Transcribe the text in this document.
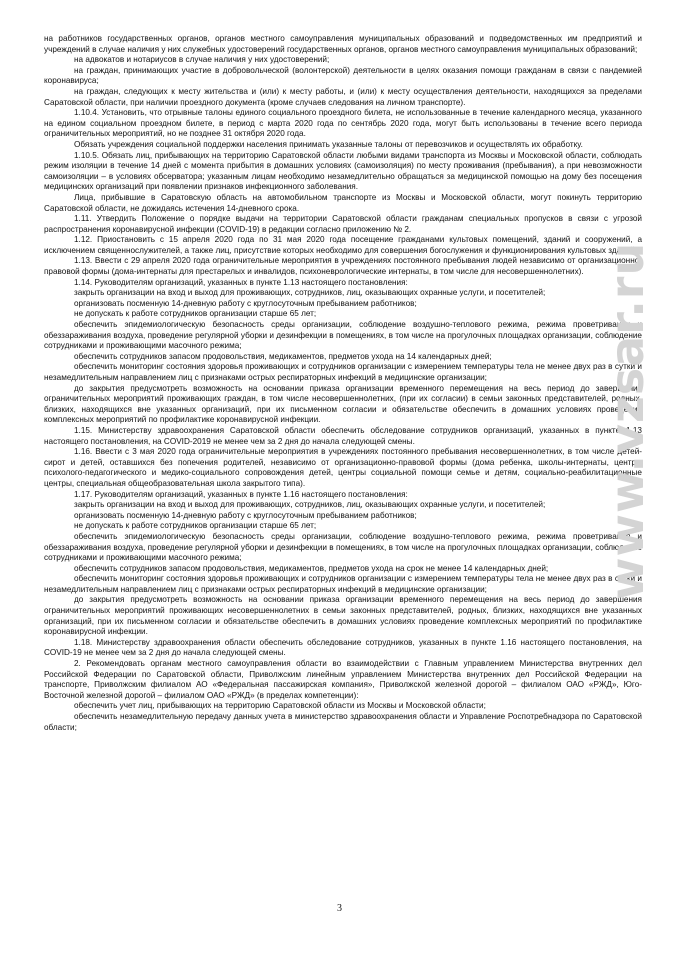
на работников государственных органов, органов местного самоуправления муниципальных образований и подведомственных им предприятий и учреждений в случае наличия у них служебных удостоверений государственных органов, органов местного самоуправления муниципальных образований;

на адвокатов и нотариусов в случае наличия у них удостоверений;

на граждан, принимающих участие в добровольческой (волонтерской) деятельности в целях оказания помощи гражданам в связи с пандемией коронавируса;

на граждан, следующих к месту жительства и (или) к месту работы, и (или) к месту осуществления деятельности, находящихся за пределами Саратовской области, при наличии проездного документа (кроме случаев следования на личном транспорте).

1.10.4. Установить, что отрывные талоны единого социального проездного билета, не использованные в течение календарного месяца, указанного на едином социальном проездном билете, в период с марта 2020 года по сентябрь 2020 года, могут быть использованы в течение всего периода ограничительных мероприятий, но не позднее 31 октября 2020 года.

Обязать учреждения социальной поддержки населения принимать указанные талоны от перевозчиков и осуществлять их обработку.

1.10.5. Обязать лиц, прибывающих на территорию Саратовской области любыми видами транспорта из Москвы и Московской области, соблюдать режим изоляции в течение 14 дней с момента прибытия в домашних условиях (самоизоляция) по месту проживания (пребывания), а при невозможности самоизоляции – в условиях обсерватора; указанным лицам необходимо незамедлительно обращаться за медицинской помощью на дому без посещения медицинских организаций при появлении признаков инфекционного заболевания.

Лица, прибывшие в Саратовскую область на автомобильном транспорте из Москвы и Московской области, могут покинуть территорию Саратовской области, не дожидаясь истечения 14-дневного срока.

1.11. Утвердить Положение о порядке выдачи на территории Саратовской области гражданам специальных пропусков в связи с угрозой распространения коронавирусной инфекции (COVID-19) в редакции согласно приложению № 2.

1.12. Приостановить с 15 апреля 2020 года по 31 мая 2020 года посещение гражданами культовых помещений, зданий и сооружений, а исключением священнослужителей, а также лиц, присутствие которых необходимо для совершения богослужения и функционирования культовых зданий.

1.13. Ввести с 29 апреля 2020 года ограничительные мероприятия в учреждениях постоянного пребывания людей независимо от организационно-правовой формы (дома-интернаты для престарелых и инвалидов, психоневрологические интернаты, в том числе для несовершеннолетних).

1.14. Руководителям организаций, указанных в пункте 1.13 настоящего постановления:

закрыть организации на вход и выход для проживающих, сотрудников, лиц, оказывающих охранные услуги, и посетителей;

организовать посменную 14-дневную работу с круглосуточным пребыванием работников;

не допускать к работе сотрудников организации старше 65 лет;

обеспечить эпидемиологическую безопасность среды организации, соблюдение воздушно-теплового режима, режима проветривания и обеззараживания воздуха, проведение регулярной уборки и дезинфекции в помещениях, в том числе на прогулочных площадках организации, соблюдение сотрудниками и проживающими масочного режима;

обеспечить сотрудников запасом продовольствия, медикаментов, предметов ухода на 14 календарных дней;

обеспечить мониторинг состояния здоровья проживающих и сотрудников организации с измерением температуры тела не менее двух раз в сутки и незамедлительным направлением лиц с признаками острых респираторных инфекций в медицинские организации;

до закрытия предусмотреть возможность на основании приказа организации временного перемещения на весь период до завершения ограничительных мероприятий проживающих граждан, в том числе несовершеннолетних, (при их согласии) в семьи законных представителей, родных, близких, находящихся вне указанных организаций, при их письменном согласии и обязательстве обеспечить в домашних условиях проведение комплексных мероприятий по профилактике коронавирусной инфекции.

1.15. Министерству здравоохранения Саратовской области обеспечить обследование сотрудников организаций, указанных в пункте 1.13 настоящего постановления, на COVID-2019 не менее чем за 2 дня до начала следующей смены.

1.16. Ввести с 3 мая 2020 года ограничительные мероприятия в учреждениях постоянного пребывания несовершеннолетних, в том числе детей-сирот и детей, оставшихся без попечения родителей, независимо от организационно-правовой формы (дома ребенка, школы-интернаты, центры психолого-педагогического и медико-социального сопровождения детей, центры социальной помощи семье и детям, социально-реабилитационные центры, специальная общеобразовательная школа закрытого типа).

1.17. Руководителям организаций, указанных в пункте 1.16 настоящего постановления:

закрыть организации на вход и выход для проживающих, сотрудников, лиц, оказывающих охранные услуги, и посетителей;

организовать посменную 14-дневную работу с круглосуточным пребыванием работников;

не допускать к работе сотрудников организации старше 65 лет;

обеспечить эпидемиологическую безопасность среды организации, соблюдение воздушно-теплового режима, режима проветривания и обеззараживания воздуха, проведение регулярной уборки и дезинфекции в помещениях, в том числе на прогулочных площадках организации, соблюдение сотрудниками и проживающими масочного режима;

обеспечить сотрудников запасом продовольствия, медикаментов, предметов ухода на срок не менее 14 календарных дней;

обеспечить мониторинг состояния здоровья проживающих и сотрудников организации с измерением температуры тела не менее двух раз в сутки и незамедлительным направлением лиц с признаками острых респираторных инфекций в медицинские организации;

до закрытия предусмотреть возможность на основании приказа организации временного перемещения на весь период до завершения ограничительных мероприятий проживающих несовершеннолетних в семьи законных представителей, родных, близких, находящихся вне указанных организаций, при их письменном согласии и обязательстве обеспечить в домашних условиях проведение комплексных мероприятий по профилактике коронавирусной инфекции.

1.18. Министерству здравоохранения области обеспечить обследование сотрудников, указанных в пункте 1.16 настоящего постановления, на COVID-19 не менее чем за 2 дня до начала следующей смены.

2. Рекомендовать органам местного самоуправления области во взаимодействии с Главным управлением Министерства внутренних дел Российской Федерации по Саратовской области, Приволжским линейным управлением Министерства внутренних дел Российской Федерации на транспорте, Приволжским филиалом АО «Федеральная пассажирская компания», Приволжской железной дорогой – филиалом ОАО «РЖД», Юго-Восточной железной дорогой – филиалом ОАО «РЖД» (в пределах компетенции):

обеспечить учет лиц, прибывающих на территорию Саратовской области из Москвы и Московской области;

обеспечить незамедлительную передачу данных учета в министерство здравоохранения области и Управление Роспотребнадзора по Саратовской области;

3
www.vzsar.ru
